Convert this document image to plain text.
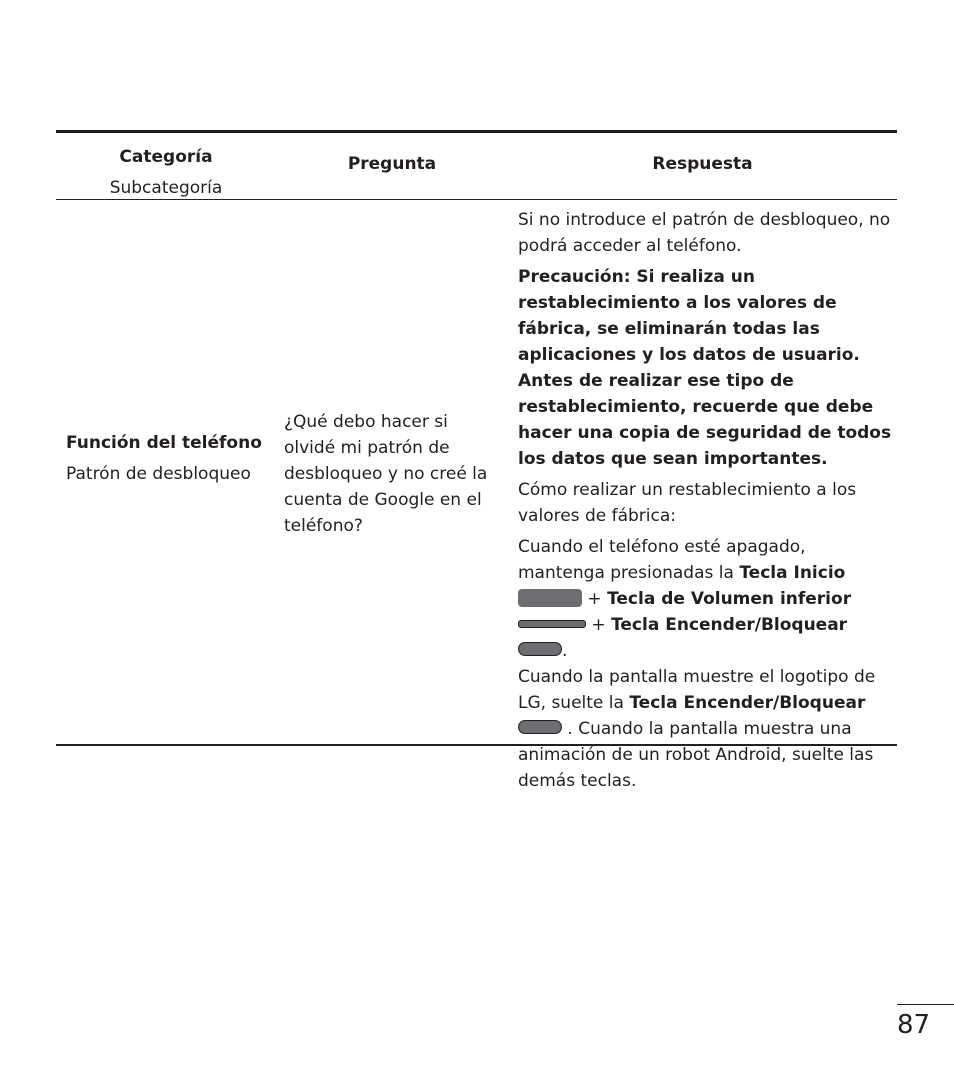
Categoría
Subcategoría
Pregunta	Respuesta
Función del teléfono
Patrón de desbloqueo
¿Qué debo hacer si olvidé mi patrón de desbloqueo y no creé la cuenta de Google en el teléfono?

Si no introduce el patrón de desbloqueo, no podrá acceder al teléfono.

Precaución: Si realiza un restablecimiento a los valores de fábrica, se eliminarán todas las aplicaciones y los datos de usuario. Antes de realizar ese tipo de restablecimiento, recuerde que debe hacer una copia de seguridad de todos los datos que sean importantes.

Cómo realizar un restablecimiento a los valores de fábrica:

Cuando el teléfono esté apagado, mantenga presionadas la Tecla Inicio
+ Tecla de Volumen inferior
+ Tecla Encender/Bloquear .
Cuando la pantalla muestre el logotipo de LG, suelte la Tecla Encender/Bloquear
. Cuando la pantalla muestra una animación de un robot Android, suelte las demás teclas.

87
